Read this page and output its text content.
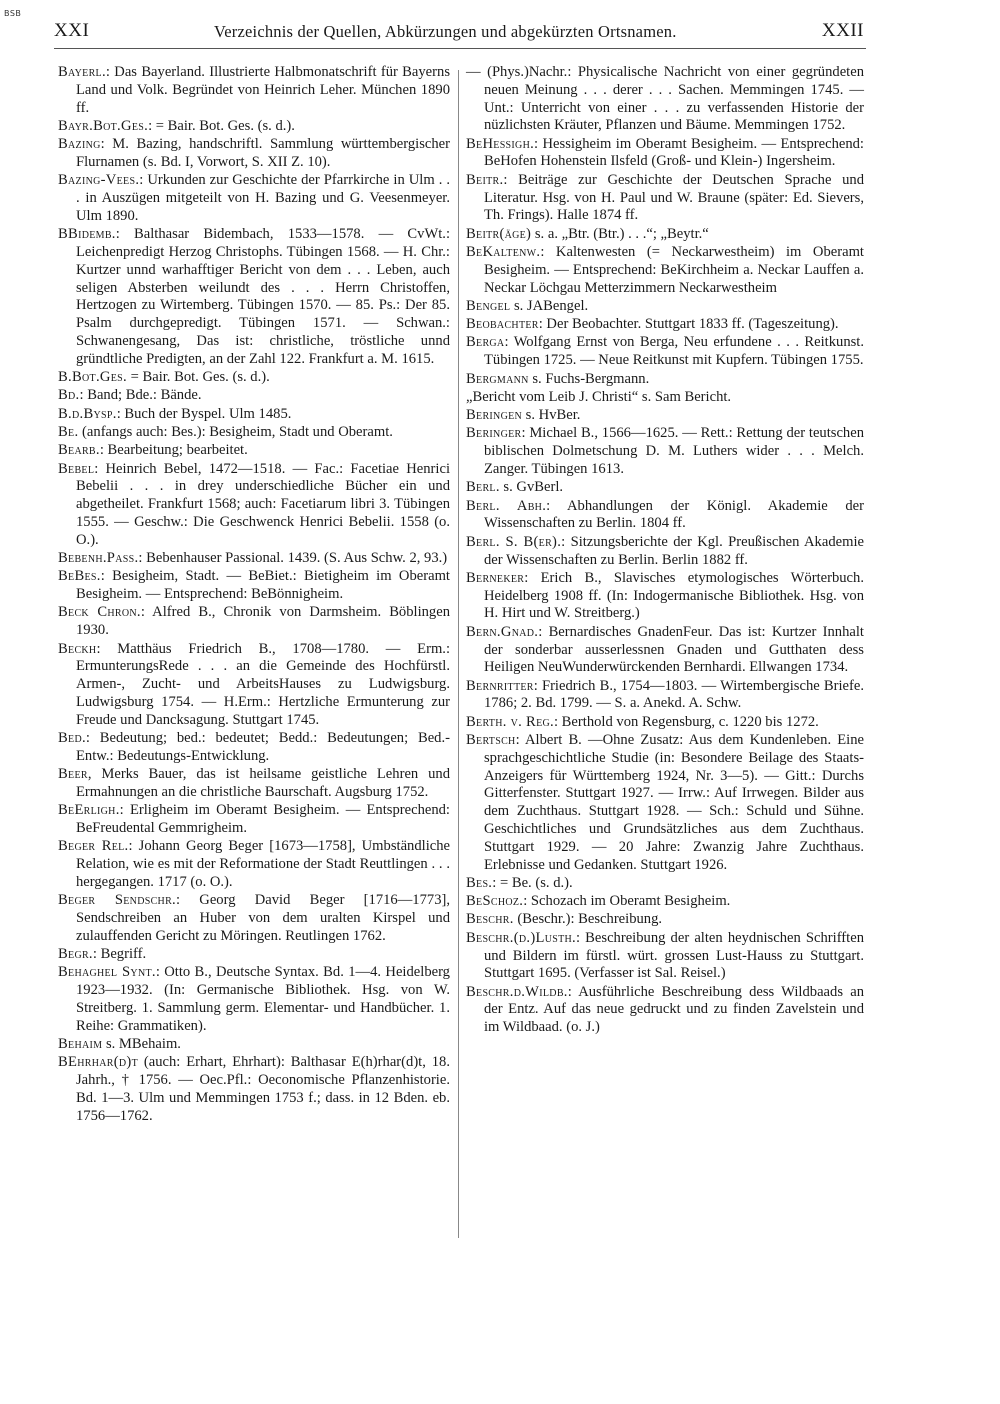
BSB
XXI	Verzeichnis der Quellen, Abkürzungen und abgekürzten Ortsnamen.	XXII

Bayerl.: Das Bayerland. Illustrierte Halbmonatschrift für Bayerns Land und Volk. Begründet von Heinrich Leher. München 1890 ff.

Bayr.Bot.Ges.: = Bair. Bot. Ges. (s. d.).

Bazing: M. Bazing, handschriftl. Sammlung württembergischer Flurnamen (s. Bd. I, Vorwort, S. XII Z. 10).

Bazing-Vees.: Urkunden zur Geschichte der Pfarrkirche in Ulm . . . in Auszügen mitgeteilt von H. Bazing und G. Veesenmeyer. Ulm 1890.

BBidemb.: Balthasar Bidembach, 1533—1578. — CvWt.: Leichenpredigt Herzog Christophs. Tübingen 1568. — H. Chr.: Kurtzer unnd warhafftiger Bericht von dem . . . Leben, auch seligen Absterben weilundt des . . . Herrn Christoffen, Hertzogen zu Wirtemberg. Tübingen 1570. — 85. Ps.: Der 85. Psalm durchgepredigt. Tübingen 1571. — Schwan.: Schwanengesang, Das ist: christliche, tröstliche unnd gründtliche Predigten, an der Zahl 122. Frankfurt a. M. 1615.

B.Bot.Ges. = Bair. Bot. Ges. (s. d.).

Bd.: Band; Bde.: Bände.

B.d.Bysp.: Buch der Byspel. Ulm 1485.

Be. (anfangs auch: Bes.): Besigheim, Stadt und Oberamt.

Bearb.: Bearbeitung; bearbeitet.

Bebel: Heinrich Bebel, 1472—1518. — Fac.: Facetiae Henrici Bebelii . . . in drey underschiedliche Bücher ein und abgetheilet. Frankfurt 1568; auch: Facetiarum libri 3. Tübingen 1555. — Geschw.: Die Geschwenck Henrici Bebelii. 1558 (o. O.).

Bebenh.Pass.: Bebenhauser Passional. 1439. (S. Aus Schw. 2, 93.)

BeBes.: Besigheim, Stadt. — BeBiet.: Bietigheim im Oberamt Besigheim. — Entsprechend: BeBönnigheim.

Beck Chron.: Alfred B., Chronik von Darmsheim. Böblingen 1930.

Beckh: Matthäus Friedrich B., 1708—1780. — Erm.: ErmunterungsRede . . . an die Gemeinde des Hochfürstl. Armen-, Zucht- und ArbeitsHauses zu Ludwigsburg. Ludwigsburg 1754. — H.Erm.: Hertzliche Ermunterung zur Freude und Dancksagung. Stuttgart 1745.

Bed.: Bedeutung; bed.: bedeutet; Bedd.: Bedeutungen; Bed.-Entw.: Bedeutungs-Entwicklung.

Beer, Merks Bauer, das ist heilsame geistliche Lehren und Ermahnungen an die christliche Baurschaft. Augsburg 1752.

BeErligh.: Erligheim im Oberamt Besigheim. — Entsprechend: BeFreudental Gemmrigheim.

Beger Rel.: Johann Georg Beger [1673—1758], Umbständliche Relation, wie es mit der Reformatione der Stadt Reuttlingen . . . hergegangen. 1717 (o. O.).

Beger Sendschr.: Georg David Beger [1716—1773], Sendschreiben an Huber von dem uralten Kirspel und zulauffenden Gericht zu Möringen. Reutlingen 1762.

Begr.: Begriff.

Behaghel Synt.: Otto B., Deutsche Syntax. Bd. 1—4. Heidelberg 1923—1932. (In: Germanische Bibliothek. Hsg. von W. Streitberg. 1. Sammlung germ. Elementar- und Handbücher. 1. Reihe: Grammatiken).

Behaim s. MBehaim.

BEhrhar(d)t (auch: Erhart, Ehrhart): Balthasar E(h)rhar(d)t, 18. Jahrh., † 1756. — Oec.Pfl.: Oeconomische Pflanzenhistorie. Bd. 1—3. Ulm und Memmingen 1753 f.; dass. in 12 Bden. eb. 1756—1762.

— (Phys.)Nachr.: Physicalische Nachricht von einer gegründeten neuen Meinung . . . derer . . . Sachen. Memmingen 1745. — Unt.: Unterricht von einer . . . zu verfassenden Historie der nüzlichsten Kräuter, Pflanzen und Bäume. Memmingen 1752.

BeHessigh.: Hessigheim im Oberamt Besigheim. — Entsprechend: BeHofen Hohenstein Ilsfeld (Groß- und Klein-) Ingersheim.

Beitr.: Beiträge zur Geschichte der Deutschen Sprache und Literatur. Hsg. von H. Paul und W. Braune (später: Ed. Sievers, Th. Frings). Halle 1874 ff.

Beitr(äge) s. a. „Btr. (Btr.) . . .“; „Beytr.“

BeKaltenw.: Kaltenwesten (= Neckarwestheim) im Oberamt Besigheim. — Entsprechend: BeKirchheim a. Neckar Lauffen a. Neckar Löchgau Metterzimmern Neckarwestheim

Bengel s. JABengel.

Beobachter: Der Beobachter. Stuttgart 1833 ff. (Tageszeitung).

Berga: Wolfgang Ernst von Berga, Neu erfundene . . . Reitkunst. Tübingen 1725. — Neue Reitkunst mit Kupfern. Tübingen 1755.

Bergmann s. Fuchs-Bergmann.

„Bericht vom Leib J. Christi“ s. Sam Bericht.

Beringen s. HvBer.

Beringer: Michael B., 1566—1625. — Rett.: Rettung der teutschen biblischen Dolmetschung D. M. Luthers wider . . . Melch. Zanger. Tübingen 1613.

Berl. s. GvBerl.

Berl. Abh.: Abhandlungen der Königl. Akademie der Wissenschaften zu Berlin. 1804 ff.

Berl. S. B(er).: Sitzungsberichte der Kgl. Preußischen Akademie der Wissenschaften zu Berlin. Berlin 1882 ff.

Berneker: Erich B., Slavisches etymologisches Wörterbuch. Heidelberg 1908 ff. (In: Indogermanische Bibliothek. Hsg. von H. Hirt und W. Streitberg.)

Bern.Gnad.: Bernardisches GnadenFeur. Das ist: Kurtzer Innhalt der sonderbar ausserlessnen Gnaden und Gutthaten dess Heiligen NeuWunderwürckenden Bernhardi. Ellwangen 1734.

Bernritter: Friedrich B., 1754—1803. — Wirtembergische Briefe. 1786; 2. Bd. 1799. — S. a. Anekd. A. Schw.

Berth. v. Reg.: Berthold von Regensburg, c. 1220 bis 1272.

Bertsch: Albert B. —Ohne Zusatz: Aus dem Kundenleben. Eine sprachgeschichtliche Studie (in: Besondere Beilage des Staats-Anzeigers für Württemberg 1924, Nr. 3—5). — Gitt.: Durchs Gitterfenster. Stuttgart 1927. — Irrw.: Auf Irrwegen. Bilder aus dem Zuchthaus. Stuttgart 1928. — Sch.: Schuld und Sühne. Geschichtliches und Grundsätzliches aus dem Zuchthaus. Stuttgart 1929. — 20 Jahre: Zwanzig Jahre Zuchthaus. Erlebnisse und Gedanken. Stuttgart 1926.

Bes.: = Be. (s. d.).

BeSchoz.: Schozach im Oberamt Besigheim.

Beschr. (Beschr.): Beschreibung.

Beschr.(d.)Lusth.: Beschreibung der alten heydnischen Schrifften und Bildern im fürstl. würt. grossen Lust-Hauss zu Stuttgart. Stuttgart 1695. (Verfasser ist Sal. Reisel.)

Beschr.d.Wildb.: Ausführliche Beschreibung dess Wildbaads an der Entz. Auf das neue gedruckt und zu finden Zavelstein und im Wildbaad. (o. J.)
